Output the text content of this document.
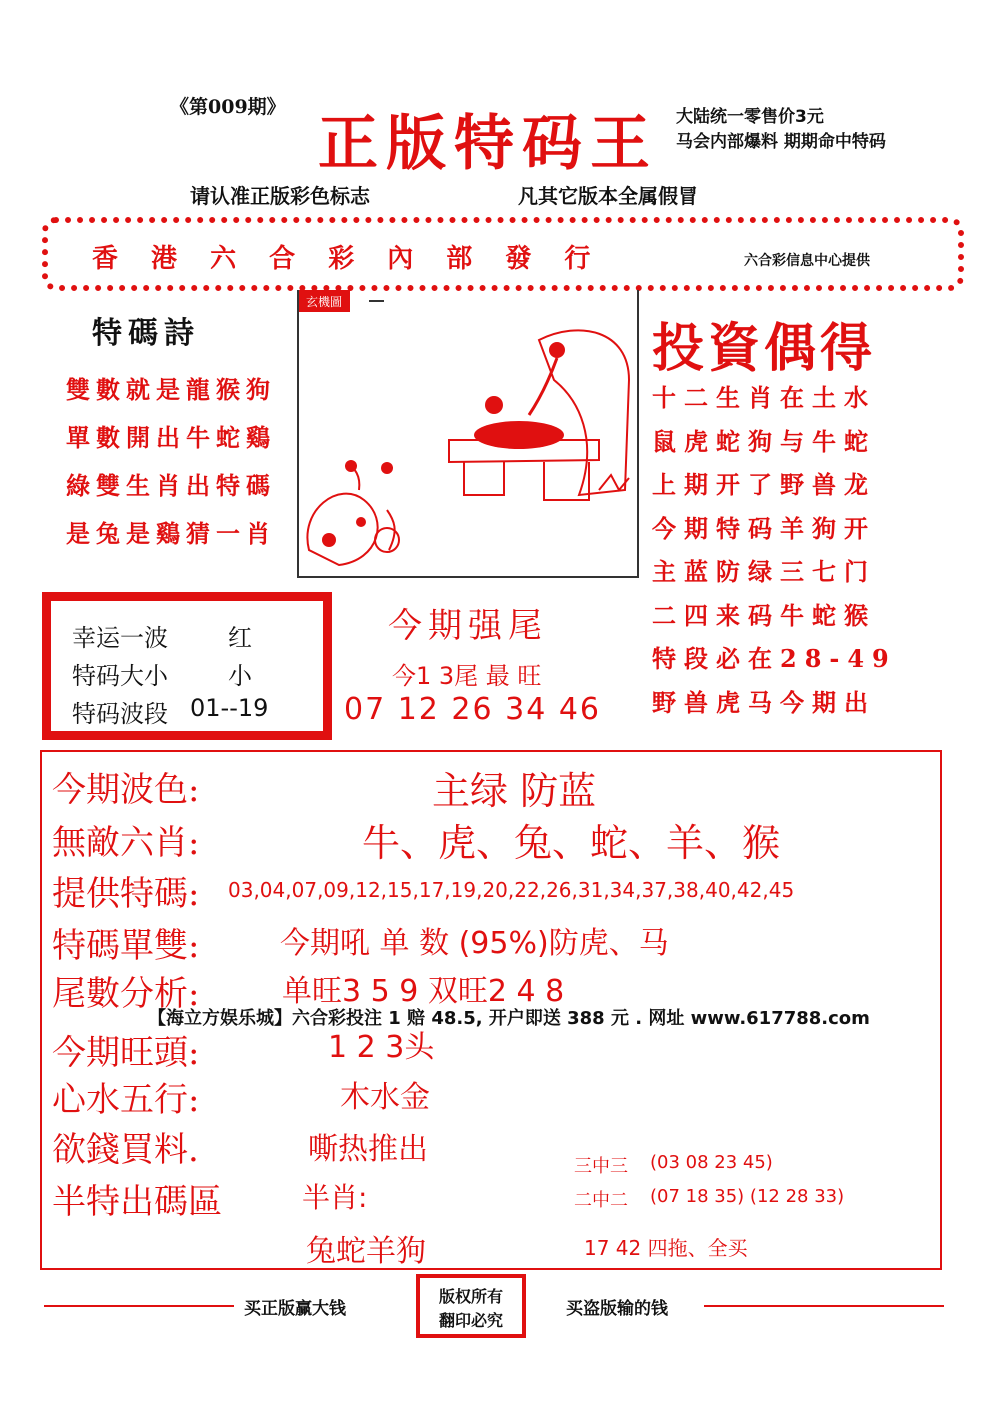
《第009期》
正版特码王 大陆统一零售价3元
马会内部爆料 期期命中特码
请认准正版彩色标志	凡其它版本全属假冒
香 港 六 合 彩 內 部 發 行	六合彩信息中心提供
特碼詩
雙數就是龍猴狗
單數開出牛蛇鷄
綠雙生肖出特碼
是兔是鷄猜一肖
玄機圖
投資偶得
十二生肖在土水
鼠虎蛇狗与牛蛇
上期开了野兽龙
今期特码羊狗开
主蓝防绿三七门
二四来码牛蛇猴
特段必在28-49
野兽虎马今期出
幸运一波	红
特码大小	小
特码波段 01--19
今期强尾
今1 3尾 最 旺
07 12 26 34 46
今期波色:	主绿 防蓝
無敵六肖:	牛、虎、兔、蛇、羊、猴
提供特碼: 03,04,07,09,12,15,17,19,20,22,26,31,34,37,38,40,42,45
特碼單雙:	今期吼 单 数 (95%)防虎、马
尾數分析:	单旺3 5 9 双旺2 4 8
【海立方娱乐城】六合彩投注 1 赔 48.5, 开户即送 388 元 . 网址 www.617788.com
今期旺頭:	1 2 3头
心水五行:	木水金
欲錢買料.	嘶热推出
半特出碼區	半肖:
三中三 (03 08 23 45)
二中二 (07 18 35) (12 28 33)
兔蛇羊狗	17 42 四拖、全买
买正版赢大钱
版权所有
翻印必究
买盗版输的钱
